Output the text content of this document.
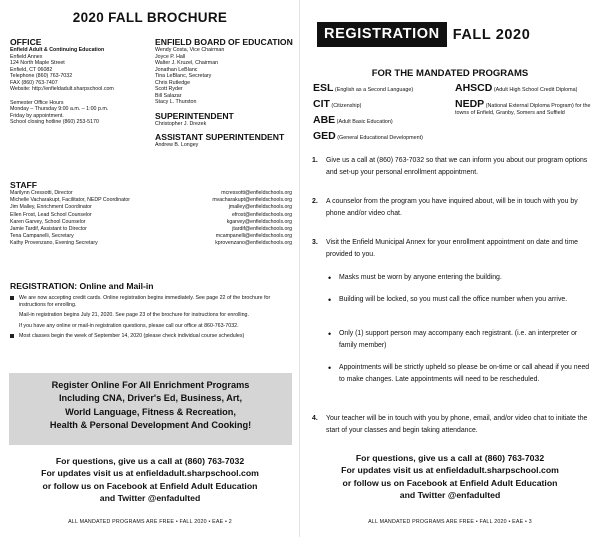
2020 FALL BROCHURE
OFFICE
Enfield Adult & Continuing Education
Enfield Annex
124 North Maple Street
Enfield, CT 06082
Telephone (860) 763-7032
FAX (860) 763-7407
Website: http://enfieldadult.sharpschool.com
Semester Office Hours
Monday – Thursday 9:00 a.m. – 1:00 p.m.
Friday by appointment.
School closing hotline (860) 253-5170
ENFIELD BOARD OF EDUCATION
Wendy Costa, Vice Chairman
Joyce P. Hall
Walter J. Kruzel, Chairman
Jonathan LeBlanc
Tina LeBlanc, Secretary
Chris Rutledge
Scott Ryder
Bill Salazar
Stacy L. Thurston
SUPERINTENDENT
Christopher J. Drezek
ASSISTANT SUPERINTENDENT
Andrew B. Longey
STAFF
Marilynn Cressotti, Director	mcressotti@enfieldschools.org
Michelle Vacharakupt, Facilitator, NEDP Coordinator	mvacharakupt@enfieldschools.org
Jim Malley, Enrichment Coordinator	jmalley@enfieldschools.org
Ellen Frost, Lead School Counselor	efrost@enfieldschools.org
Karen Garvey, School Counselor	kgarvey@enfieldschools.org
Jamie Tardif, Assistant to Director	jtardif@enfieldschools.org
Tena Campanelli, Secretary	mcampanelli@enfieldschools.org
Kathy Provenzano, Evening Secretary	kprovenzano@enfieldschools.org
REGISTRATION: Online and Mail-in
We are now accepting credit cards. Online registration begins immediately. See page 22 of the brochure for instructions for enrolling.
Mail-in registration begins July 21, 2020. See page 23 of the brochure for instructions for enrolling.
If you have any online or mail-in registration questions, please call our office at 860-763-7032.
Most classes begin the week of September 14, 2020 (please check individual course schedules)
Register Online For All Enrichment Programs
Including CNA, Driver's Ed, Business, Art,
World Language, Fitness & Recreation,
Health & Personal Development And Cooking!
For questions, give us a call at (860) 763-7032
For updates visit us at enfieldadult.sharpschool.com
or follow us on Facebook at Enfield Adult Education
and Twitter @enfadulted
ALL MANDATED PROGRAMS ARE FREE • FALL 2020 • EAE • 2
REGISTRATION FALL 2020
FOR THE MANDATED PROGRAMS
ESL (English as a Second Language)
CIT (Citizenship)
ABE (Adult Basic Education)
GED (General Educational Development)
AHSCD (Adult High School Credit Diploma)
NEDP (National External Diploma Program) for the towns of Enfield, Granby, Somers and Suffield
1.	Give us a call at (860) 763-7032 so that we can inform you about our program options and set-up your personal enrollment appointment.
2.	A counselor from the program you have inquired about, will be in touch with you by phone and/or video chat.
3.	Visit the Enfield Municipal Annex for your enrollment appointment on date and time provided to you.
•	Masks must be worn by anyone entering the building.
•	Building will be locked, so you must call the office number when you arrive.
•	Only (1) support person may accompany each registrant. (i.e. an interpreter or family member)
•	Appointments will be strictly upheld so please be on-time or call ahead if you need to make changes. Late appointments will need to be rescheduled.
4.	Your teacher will be in touch with you by phone, email, and/or video chat to initiate the start of your classes and begin taking attendance.
For questions, give us a call at (860) 763-7032
For updates visit us at enfieldadult.sharpschool.com
or follow us on Facebook at Enfield Adult Education
and Twitter @enfadulted
ALL MANDATED PROGRAMS ARE FREE • FALL 2020 • EAE • 3
